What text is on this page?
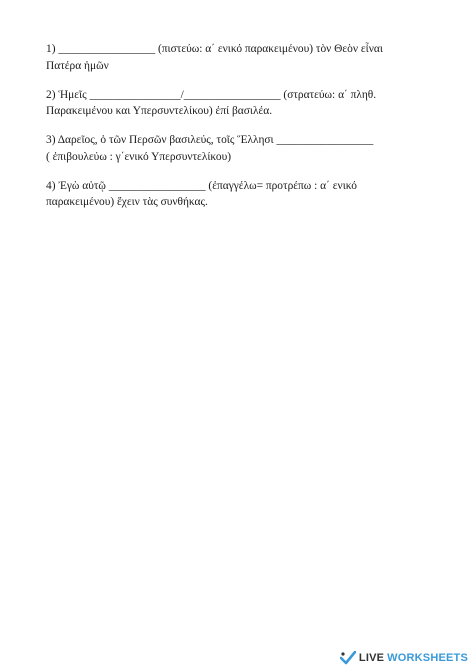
1) _________________ (πιστεύω: α΄ ενικό παρακειμένου) τὸν Θεὸν εἶναι
Πατέρα ἡμῶν

2) Ἡμεῖς ________________/_________________ (στρατεύω: α΄ πληθ.
Παρακειμένου και Υπερσυντελίκου) ἐπί βασιλέα.

3) Δαρεῖος, ὁ τῶν Περσῶν βασιλεύς, τοῖς Ἕλλησι _________________
( ἐπιβουλεύω : γ΄ενικό Υπερσυντελίκου)

4) Ἐγὼ αὐτῷ _________________ (ἐπαγγέλω= προτρέπω : α΄ ενικό
παρακειμένου) ἔχειν τὰς συνθήκας.

LIVE WORKSHEETS
